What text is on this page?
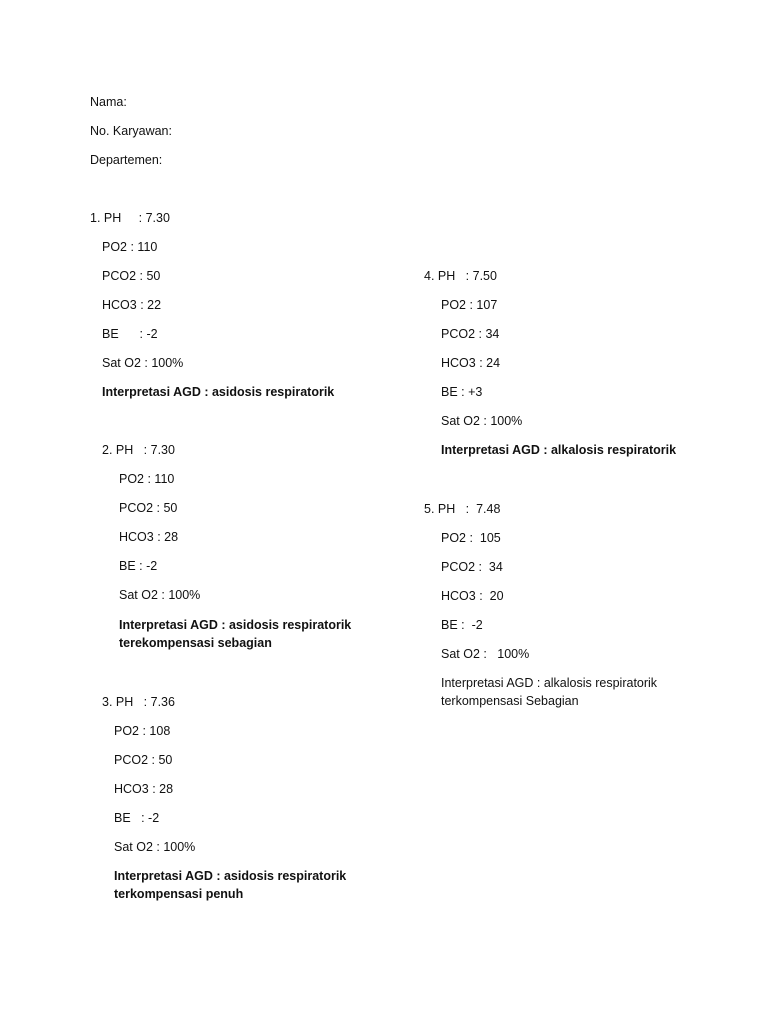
Nama:
No. Karyawan:
Departemen:
1. PH     : 7.30
PO2 : 110
PCO2 : 50
HCO3 : 22
BE      : -2
Sat O2 : 100%
Interpretasi AGD : asidosis respiratorik
2. PH   : 7.30
PO2 : 110
PCO2 : 50
HCO3 : 28
BE : -2
Sat O2 : 100%
Interpretasi AGD : asidosis respiratorik
terekompensasi sebagian
3. PH   : 7.36
PO2 : 108
PCO2 : 50
HCO3 : 28
BE   : -2
Sat O2 : 100%
Interpretasi AGD : asidosis respiratorik
terkompensasi penuh
4. PH   : 7.50
PO2 : 107
PCO2 : 34
HCO3 : 24
BE : +3
Sat O2 : 100%
Interpretasi AGD : alkalosis respiratorik
5. PH   :  7.48
PO2 :  105
PCO2 :  34
HCO3 :  20
BE :  -2
Sat O2 :   100%
Interpretasi AGD : alkalosis respiratorik
terkompensasi Sebagian
